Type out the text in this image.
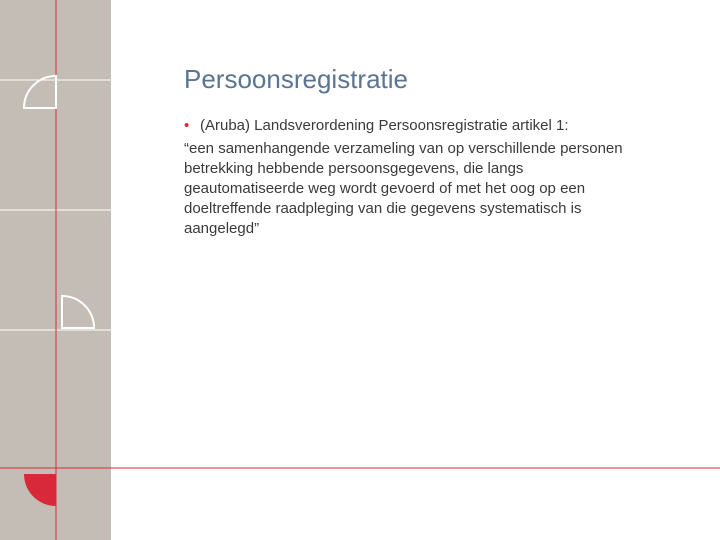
Persoonsregistratie
• (Aruba) Landsverordening Persoonsregistratie artikel 1:

“een samenhangende verzameling van op verschillende personen betrekking hebbende persoonsgegevens, die langs geautomatiseerde weg wordt gevoerd of met het oog op een doeltreffende raadpleging van die gegevens systematisch is aangelegd”
